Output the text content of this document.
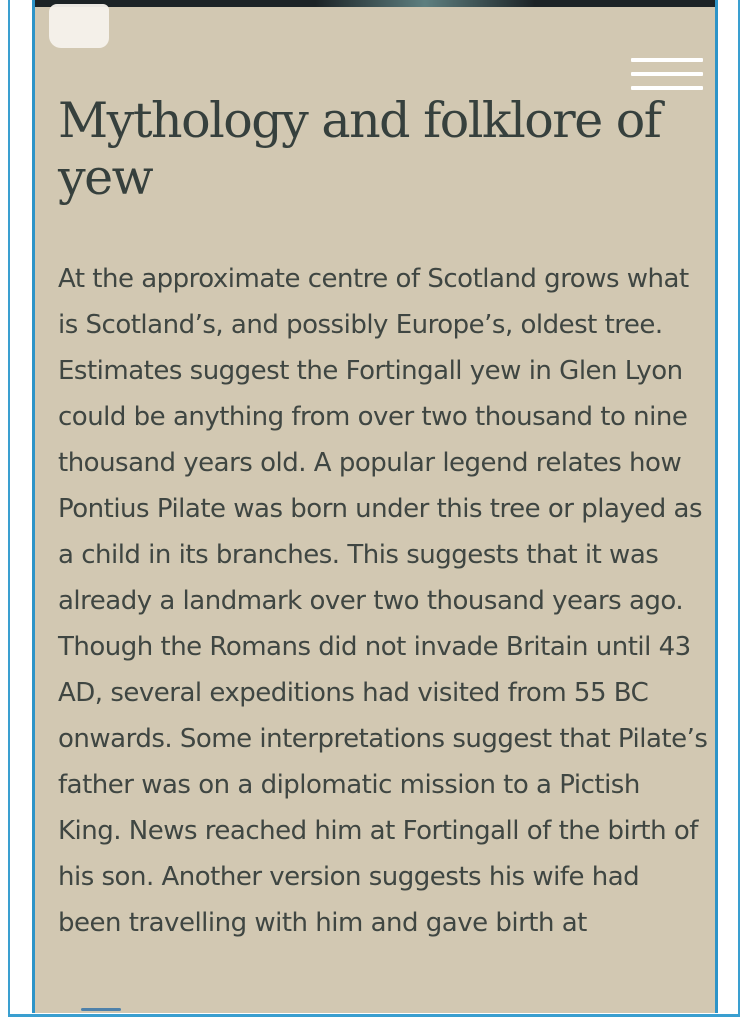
Mythology and folklore of yew

At the approximate centre of Scotland grows what is Scotland’s, and possibly Europe’s, oldest tree. Estimates suggest the Fortingall yew in Glen Lyon could be anything from over two thousand to nine thousand years old. A popular legend relates how Pontius Pilate was born under this tree or played as a child in its branches. This suggests that it was already a landmark over two thousand years ago. Though the Romans did not invade Britain until 43 AD, several expeditions had visited from 55 BC onwards. Some interpretations suggest that Pilate’s father was on a diplomatic mission to a Pictish King. News reached him at Fortingall of the birth of his son. Another version suggests his wife had been travelling with him and gave birth at
